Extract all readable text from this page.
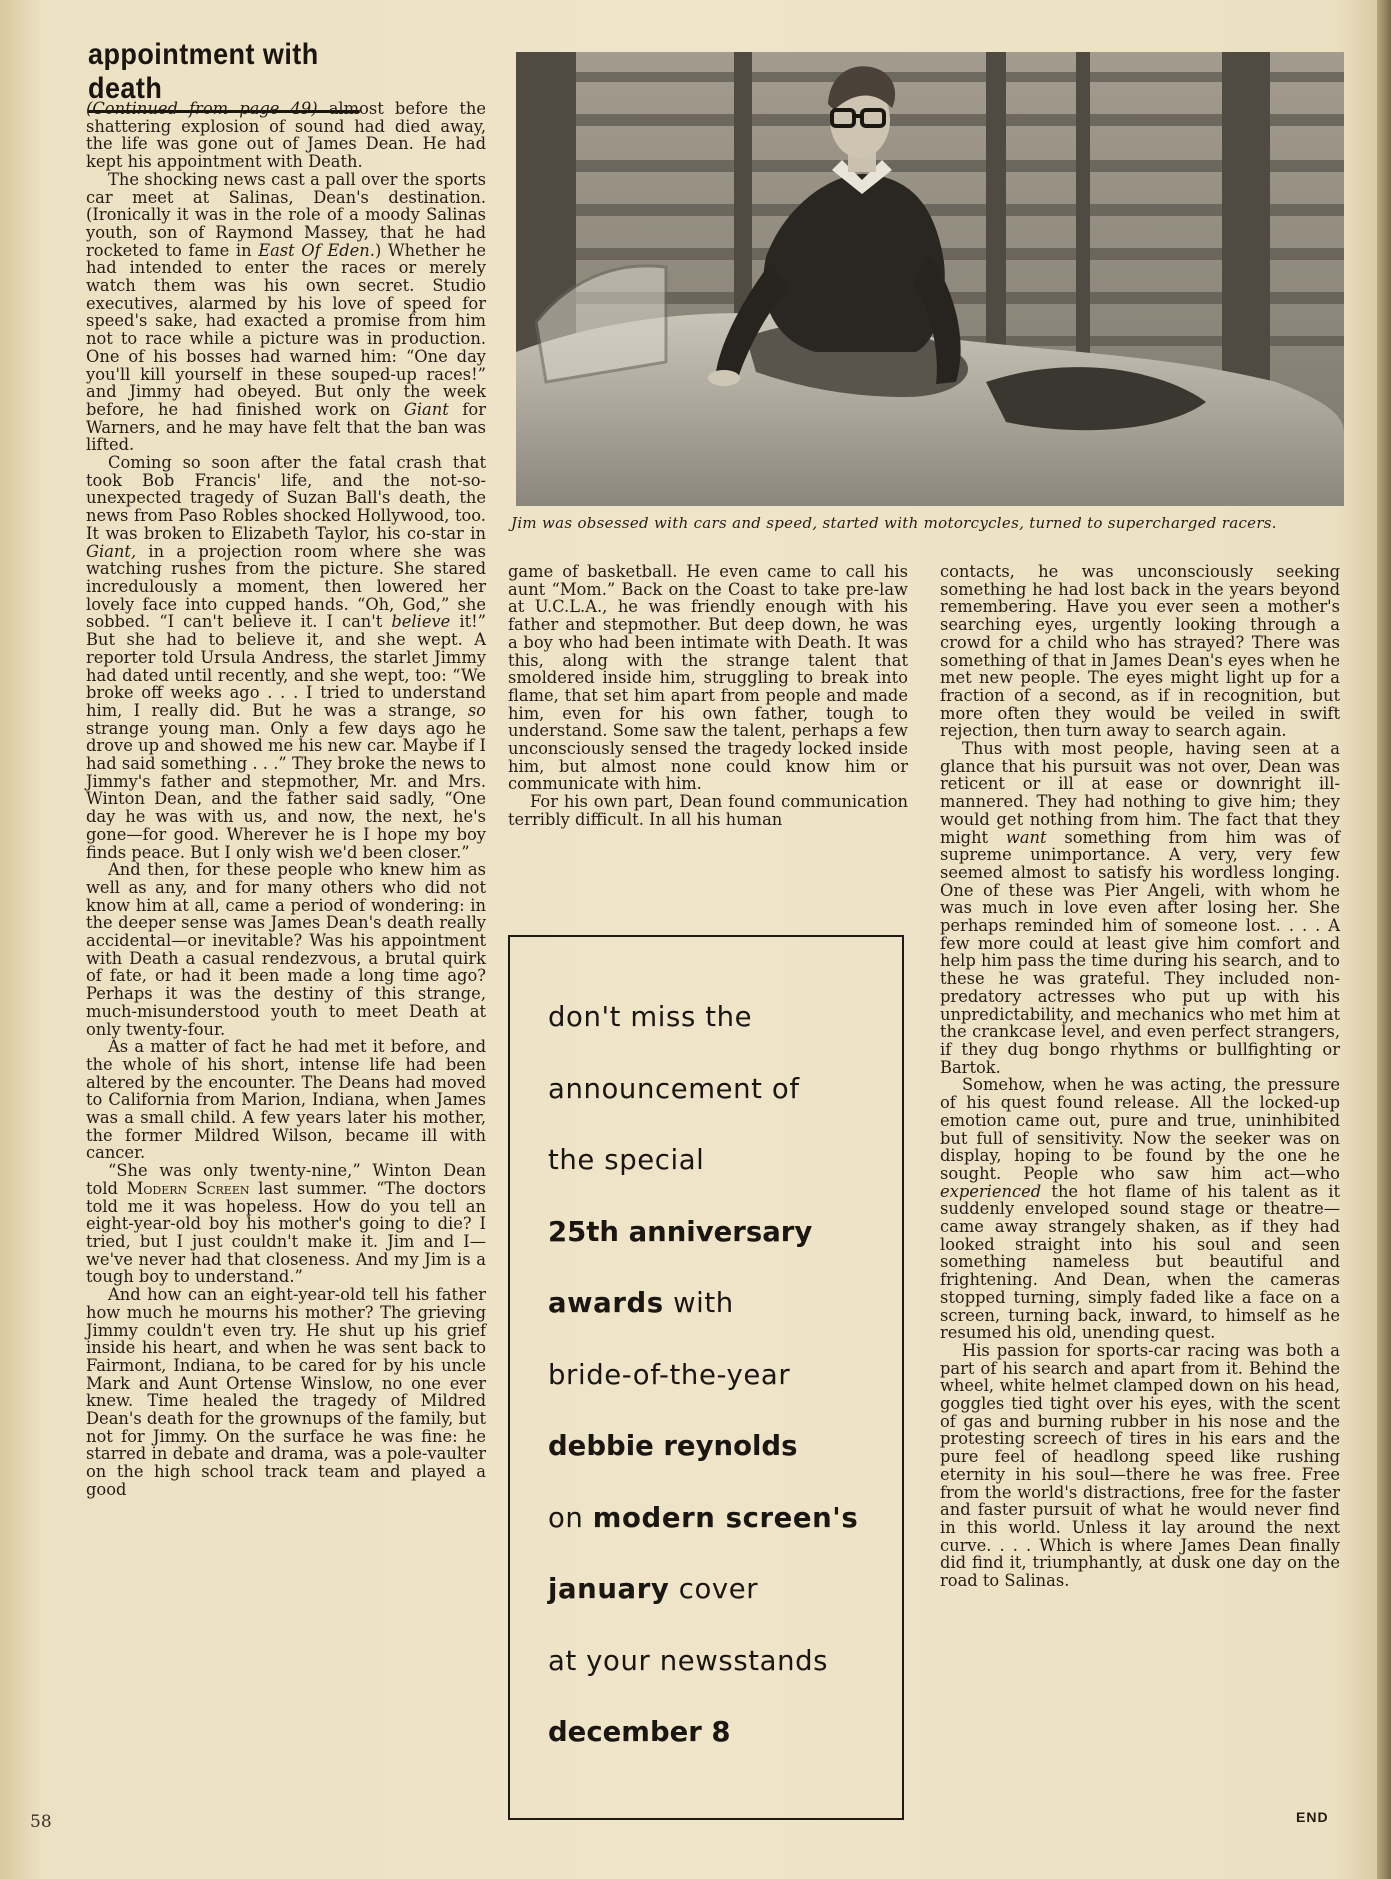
appointment with death

(Continued from page 49) almost before the shattering explosion of sound had died away, the life was gone out of James Dean. He had kept his appointment with Death.

The shocking news cast a pall over the sports car meet at Salinas, Dean's destination. (Ironically it was in the role of a moody Salinas youth, son of Raymond Massey, that he had rocketed to fame in East Of Eden.) Whether he had intended to enter the races or merely watch them was his own secret. Studio executives, alarmed by his love of speed for speed's sake, had exacted a promise from him not to race while a picture was in production. One of his bosses had warned him: “One day you'll kill yourself in these souped-up races!” and Jimmy had obeyed. But only the week before, he had finished work on Giant for Warners, and he may have felt that the ban was lifted.

Coming so soon after the fatal crash that took Bob Francis' life, and the not-so-unexpected tragedy of Suzan Ball's death, the news from Paso Robles shocked Hollywood, too. It was broken to Elizabeth Taylor, his co-star in Giant, in a projection room where she was watching rushes from the picture. She stared incredulously a moment, then lowered her lovely face into cupped hands. “Oh, God,” she sobbed. “I can't believe it. I can't believe it!” But she had to believe it, and she wept. A reporter told Ursula Andress, the starlet Jimmy had dated until recently, and she wept, too: “We broke off weeks ago . . . I tried to understand him, I really did. But he was a strange, so strange young man. Only a few days ago he drove up and showed me his new car. Maybe if I had said something . . .” They broke the news to Jimmy's father and stepmother, Mr. and Mrs. Winton Dean, and the father said sadly, “One day he was with us, and now, the next, he's gone—for good. Wherever he is I hope my boy finds peace. But I only wish we'd been closer.”

And then, for these people who knew him as well as any, and for many others who did not know him at all, came a period of wondering: in the deeper sense was James Dean's death really accidental—or inevitable? Was his appointment with Death a casual rendezvous, a brutal quirk of fate, or had it been made a long time ago? Perhaps it was the destiny of this strange, much-misunderstood youth to meet Death at only twenty-four.

As a matter of fact he had met it before, and the whole of his short, intense life had been altered by the encounter. The Deans had moved to California from Marion, Indiana, when James was a small child. A few years later his mother, the former Mildred Wilson, became ill with cancer.

“She was only twenty-nine,” Winton Dean told Modern Screen last summer. “The doctors told me it was hopeless. How do you tell an eight-year-old boy his mother's going to die? I tried, but I just couldn't make it. Jim and I—we've never had that closeness. And my Jim is a tough boy to understand.”

And how can an eight-year-old tell his father how much he mourns his mother? The grieving Jimmy couldn't even try. He shut up his grief inside his heart, and when he was sent back to Fairmont, Indiana, to be cared for by his uncle Mark and Aunt Ortense Winslow, no one ever knew. Time healed the tragedy of Mildred Dean's death for the grownups of the family, but not for Jimmy. On the surface he was fine: he starred in debate and drama, was a pole-vaulter on the high school track team and played a good

Jim was obsessed with cars and speed, started with motorcycles, turned to supercharged racers.

game of basketball. He even came to call his aunt “Mom.” Back on the Coast to take pre-law at U.C.L.A., he was friendly enough with his father and stepmother. But deep down, he was a boy who had been intimate with Death. It was this, along with the strange talent that smoldered inside him, struggling to break into flame, that set him apart from people and made him, even for his own father, tough to understand. Some saw the talent, perhaps a few unconsciously sensed the tragedy locked inside him, but almost none could know him or communicate with him.

For his own part, Dean found communication terribly difficult. In all his human

don't miss the
announcement of
the special
25th anniversary
awards with
bride-of-the-year
debbie reynolds
on modern screen's
january cover
at your newsstands
december 8

contacts, he was unconsciously seeking something he had lost back in the years beyond remembering. Have you ever seen a mother's searching eyes, urgently looking through a crowd for a child who has strayed? There was something of that in James Dean's eyes when he met new people. The eyes might light up for a fraction of a second, as if in recognition, but more often they would be veiled in swift rejection, then turn away to search again.

Thus with most people, having seen at a glance that his pursuit was not over, Dean was reticent or ill at ease or downright ill-mannered. They had nothing to give him; they would get nothing from him. The fact that they might want something from him was of supreme unimportance. A very, very few seemed almost to satisfy his wordless longing. One of these was Pier Angeli, with whom he was much in love even after losing her. She perhaps reminded him of someone lost. . . . A few more could at least give him comfort and help him pass the time during his search, and to these he was grateful. They included non-predatory actresses who put up with his unpredictability, and mechanics who met him at the crankcase level, and even perfect strangers, if they dug bongo rhythms or bullfighting or Bartok.

Somehow, when he was acting, the pressure of his quest found release. All the locked-up emotion came out, pure and true, uninhibited but full of sensitivity. Now the seeker was on display, hoping to be found by the one he sought. People who saw him act—who experienced the hot flame of his talent as it suddenly enveloped sound stage or theatre—came away strangely shaken, as if they had looked straight into his soul and seen something nameless but beautiful and frightening. And Dean, when the cameras stopped turning, simply faded like a face on a screen, turning back, inward, to himself as he resumed his old, unending quest.

His passion for sports-car racing was both a part of his search and apart from it. Behind the wheel, white helmet clamped down on his head, goggles tied tight over his eyes, with the scent of gas and burning rubber in his nose and the protesting screech of tires in his ears and the pure feel of headlong speed like rushing eternity in his soul—there he was free. Free from the world's distractions, free for the faster and faster pursuit of what he would never find in this world. Unless it lay around the next curve. . . . Which is where James Dean finally did find it, triumphantly, at dusk one day on the road to Salinas.

END
58
